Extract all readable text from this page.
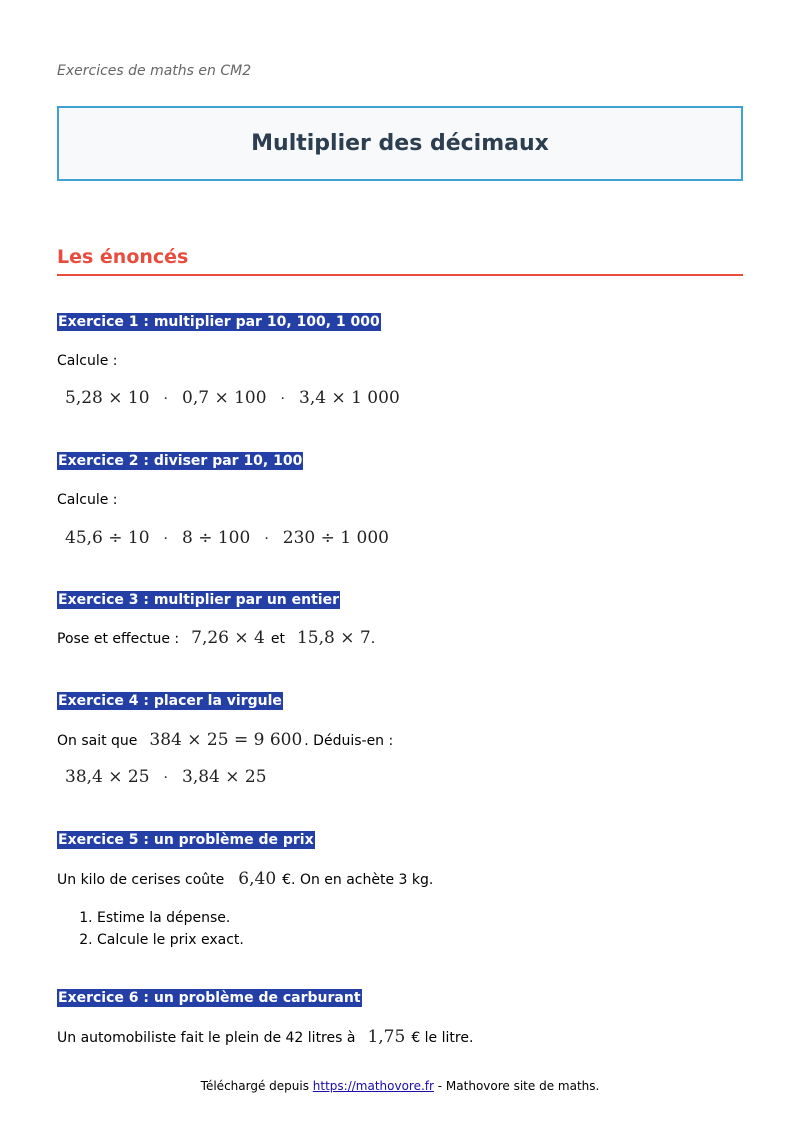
Exercices de maths en CM2
Multiplier des décimaux
Les énoncés
Exercice 1 : multiplier par 10, 100, 1 000
Calcule :
5,28 × 10 · 0,7 × 100 · 3,4 × 1 000
Exercice 2 : diviser par 10, 100
Calcule :
45,6 ÷ 10 · 8 ÷ 100 · 230 ÷ 1 000
Exercice 3 : multiplier par un entier
Pose et effectue : 7,26 × 4 et 15,8 × 7.
Exercice 4 : placer la virgule
On sait que 384 × 25 = 9 600 . Déduis-en :
38,4 × 25 · 3,84 × 25
Exercice 5 : un problème de prix
Un kilo de cerises coûte 6,40 €. On en achète 3 kg.
1. Estime la dépense.
2. Calcule le prix exact.
Exercice 6 : un problème de carburant
Un automobiliste fait le plein de 42 litres à 1,75 € le litre.
Téléchargé depuis https://mathovore.fr - Mathovore site de maths.
